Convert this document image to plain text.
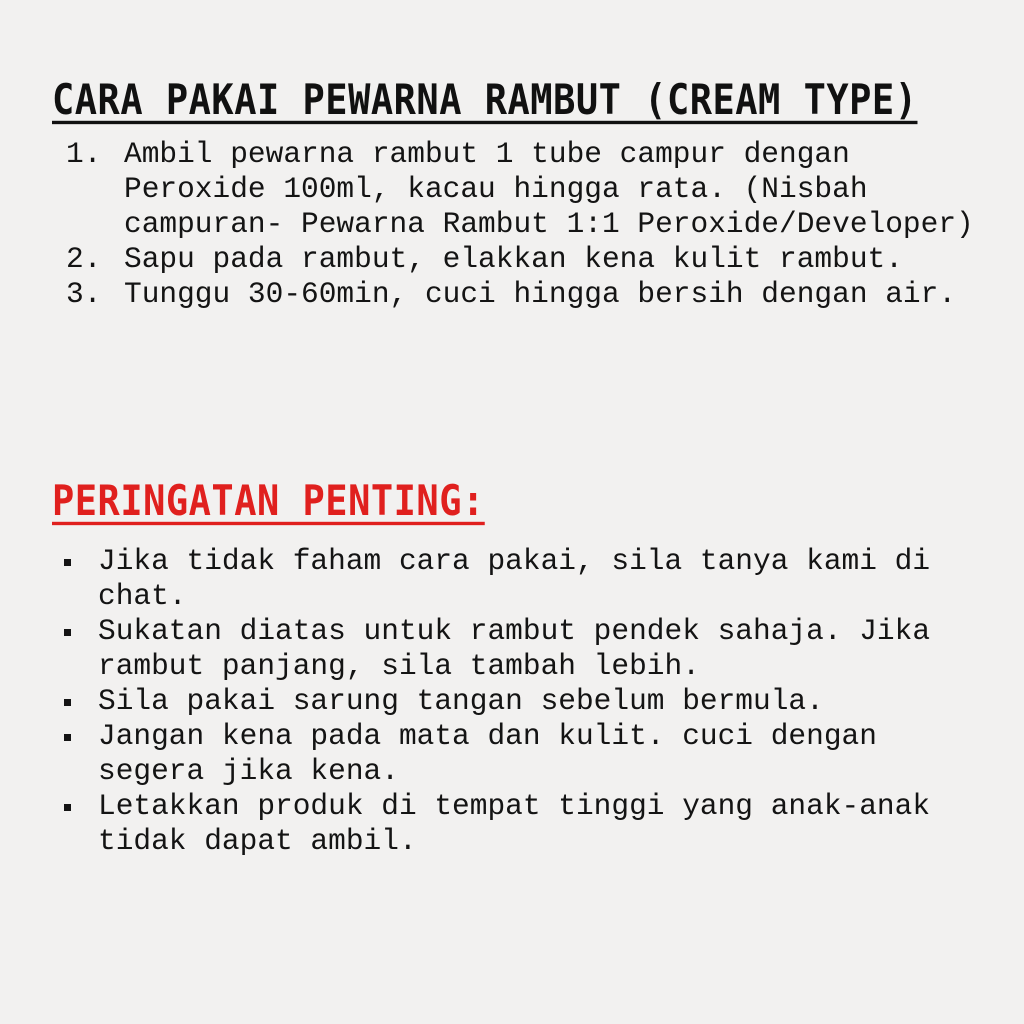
CARA PAKAI PEWARNA RAMBUT (CREAM TYPE)
1. Ambil pewarna rambut 1 tube campur dengan Peroxide 100ml, kacau hingga rata. (Nisbah campuran- Pewarna Rambut 1:1 Peroxide/Developer)
2. Sapu pada rambut, elakkan kena kulit rambut.
3. Tunggu 30-60min, cuci hingga bersih dengan air.
PERINGATAN PENTING:
Jika tidak faham cara pakai, sila tanya kami di chat.
Sukatan diatas untuk rambut pendek sahaja. Jika rambut panjang, sila tambah lebih.
Sila pakai sarung tangan sebelum bermula.
Jangan kena pada mata dan kulit. cuci dengan segera jika kena.
Letakkan produk di tempat tinggi yang anak-anak tidak dapat ambil.
